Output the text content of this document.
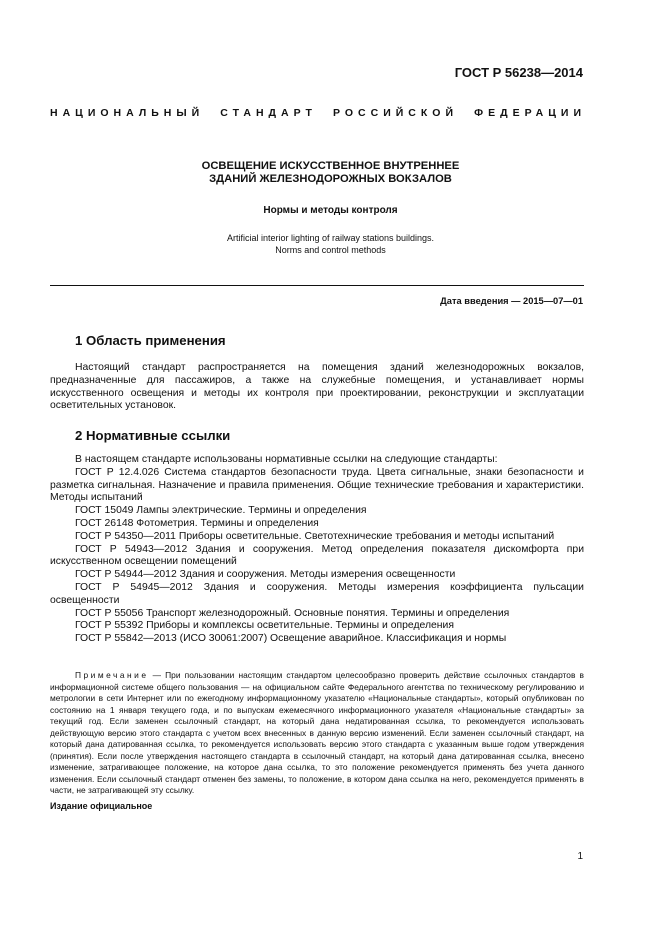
ГОСТ Р 56238—2014
НАЦИОНАЛЬНЫЙ СТАНДАРТ РОССИЙСКОЙ ФЕДЕРАЦИИ
ОСВЕЩЕНИЕ ИСКУССТВЕННОЕ ВНУТРЕННЕЕ
ЗДАНИЙ ЖЕЛЕЗНОДОРОЖНЫХ ВОКЗАЛОВ
Нормы и методы контроля
Artificial interior lighting of railway stations buildings.
Norms and control methods
Дата введения — 2015—07—01
1 Область применения
Настоящий стандарт распространяется на помещения зданий железнодорожных вокзалов, предназначенные для пассажиров, а также на служебные помещения, и устанавливает нормы искусственного освещения и методы их контроля при проектировании, реконструкции и эксплуатации осветительных установок.
2 Нормативные ссылки

В настоящем стандарте использованы нормативные ссылки на следующие стандарты:

ГОСТ Р 12.4.026 Система стандартов безопасности труда. Цвета сигнальные, знаки безопасности и разметка сигнальная. Назначение и правила применения. Общие технические требования и характеристики. Методы испытаний

ГОСТ 15049 Лампы электрические. Термины и определения

ГОСТ 26148 Фотометрия. Термины и определения

ГОСТ Р 54350—2011 Приборы осветительные. Светотехнические требования и методы испытаний

ГОСТ Р 54943—2012 Здания и сооружения. Метод определения показателя дискомфорта при искусственном освещении помещений

ГОСТ Р 54944—2012 Здания и сооружения. Методы измерения освещенности

ГОСТ Р 54945—2012 Здания и сооружения. Методы измерения коэффициента пульсации освещенности

ГОСТ Р 55056 Транспорт железнодорожный. Основные понятия. Термины и определения

ГОСТ Р 55392 Приборы и комплексы осветительные. Термины и определения

ГОСТ Р 55842—2013 (ИСО 30061:2007) Освещение аварийное. Классификация и нормы

Примечание — При пользовании настоящим стандартом целесообразно проверить действие ссылочных стандартов в информационной системе общего пользования — на официальном сайте Федерального агентства по техническому регулированию и метрологии в сети Интернет или по ежегодному информационному указателю «Национальные стандарты», который опубликован по состоянию на 1 января текущего года, и по выпускам ежемесячного информационного указателя «Национальные стандарты» за текущий год. Если заменен ссылочный стандарт, на который дана недатированная ссылка, то рекомендуется использовать действующую версию этого стандарта с учетом всех внесенных в данную версию изменений. Если заменен ссылочный стандарт, на который дана датированная ссылка, то рекомендуется использовать версию этого стандарта с указанным выше годом утверждения (принятия). Если после утверждения настоящего стандарта в ссылочный стандарт, на который дана датированная ссылка, внесено изменение, затрагивающее положение, на которое дана ссылка, то это положение рекомендуется применять без учета данного изменения. Если ссылочный стандарт отменен без замены, то положение, в котором дана ссылка на него, рекомендуется применять в части, не затрагивающей эту ссылку.
Издание официальное
1
